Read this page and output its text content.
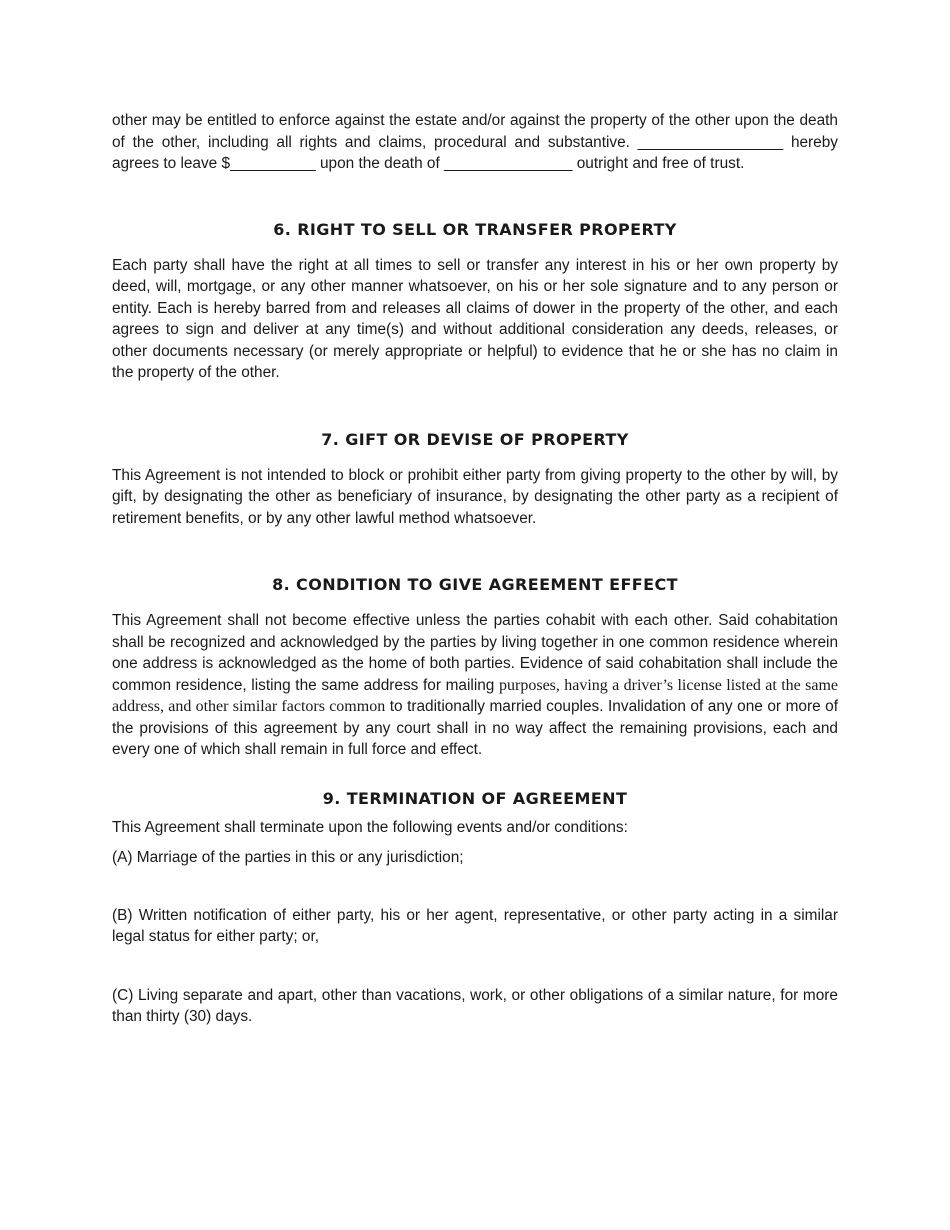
other may be entitled to enforce against the estate and/or against the property of the other upon the death of the other, including all rights and claims, procedural and substantive. _________________ hereby agrees to leave $__________ upon the death of _______________ outright and free of trust.

6. RIGHT TO SELL OR TRANSFER PROPERTY

Each party shall have the right at all times to sell or transfer any interest in his or her own property by deed, will, mortgage, or any other manner whatsoever, on his or her sole signature and to any person or entity. Each is hereby barred from and releases all claims of dower in the property of the other, and each agrees to sign and deliver at any time(s) and without additional consideration any deeds, releases, or other documents necessary (or merely appropriate or helpful) to evidence that he or she has no claim in the property of the other.

7. GIFT OR DEVISE OF PROPERTY

This Agreement is not intended to block or prohibit either party from giving property to the other by will, by gift, by designating the other as beneficiary of insurance, by designating the other party as a recipient of retirement benefits, or by any other lawful method whatsoever.

8. CONDITION TO GIVE AGREEMENT EFFECT

This Agreement shall not become effective unless the parties cohabit with each other. Said cohabitation shall be recognized and acknowledged by the parties by living together in one common residence wherein one address is acknowledged as the home of both parties. Evidence of said cohabitation shall include the common residence, listing the same address for mailing purposes, having a driver’s license listed at the same address, and other similar factors common to traditionally married couples. Invalidation of any one or more of the provisions of this agreement by any court shall in no way affect the remaining provisions, each and every one of which shall remain in full force and effect.

9. TERMINATION OF AGREEMENT

This Agreement shall terminate upon the following events and/or conditions:

(A) Marriage of the parties in this or any jurisdiction;

(B) Written notification of either party, his or her agent, representative, or other party acting in a similar legal status for either party; or,

(C) Living separate and apart, other than vacations, work, or other obligations of a similar nature, for more than thirty (30) days.
